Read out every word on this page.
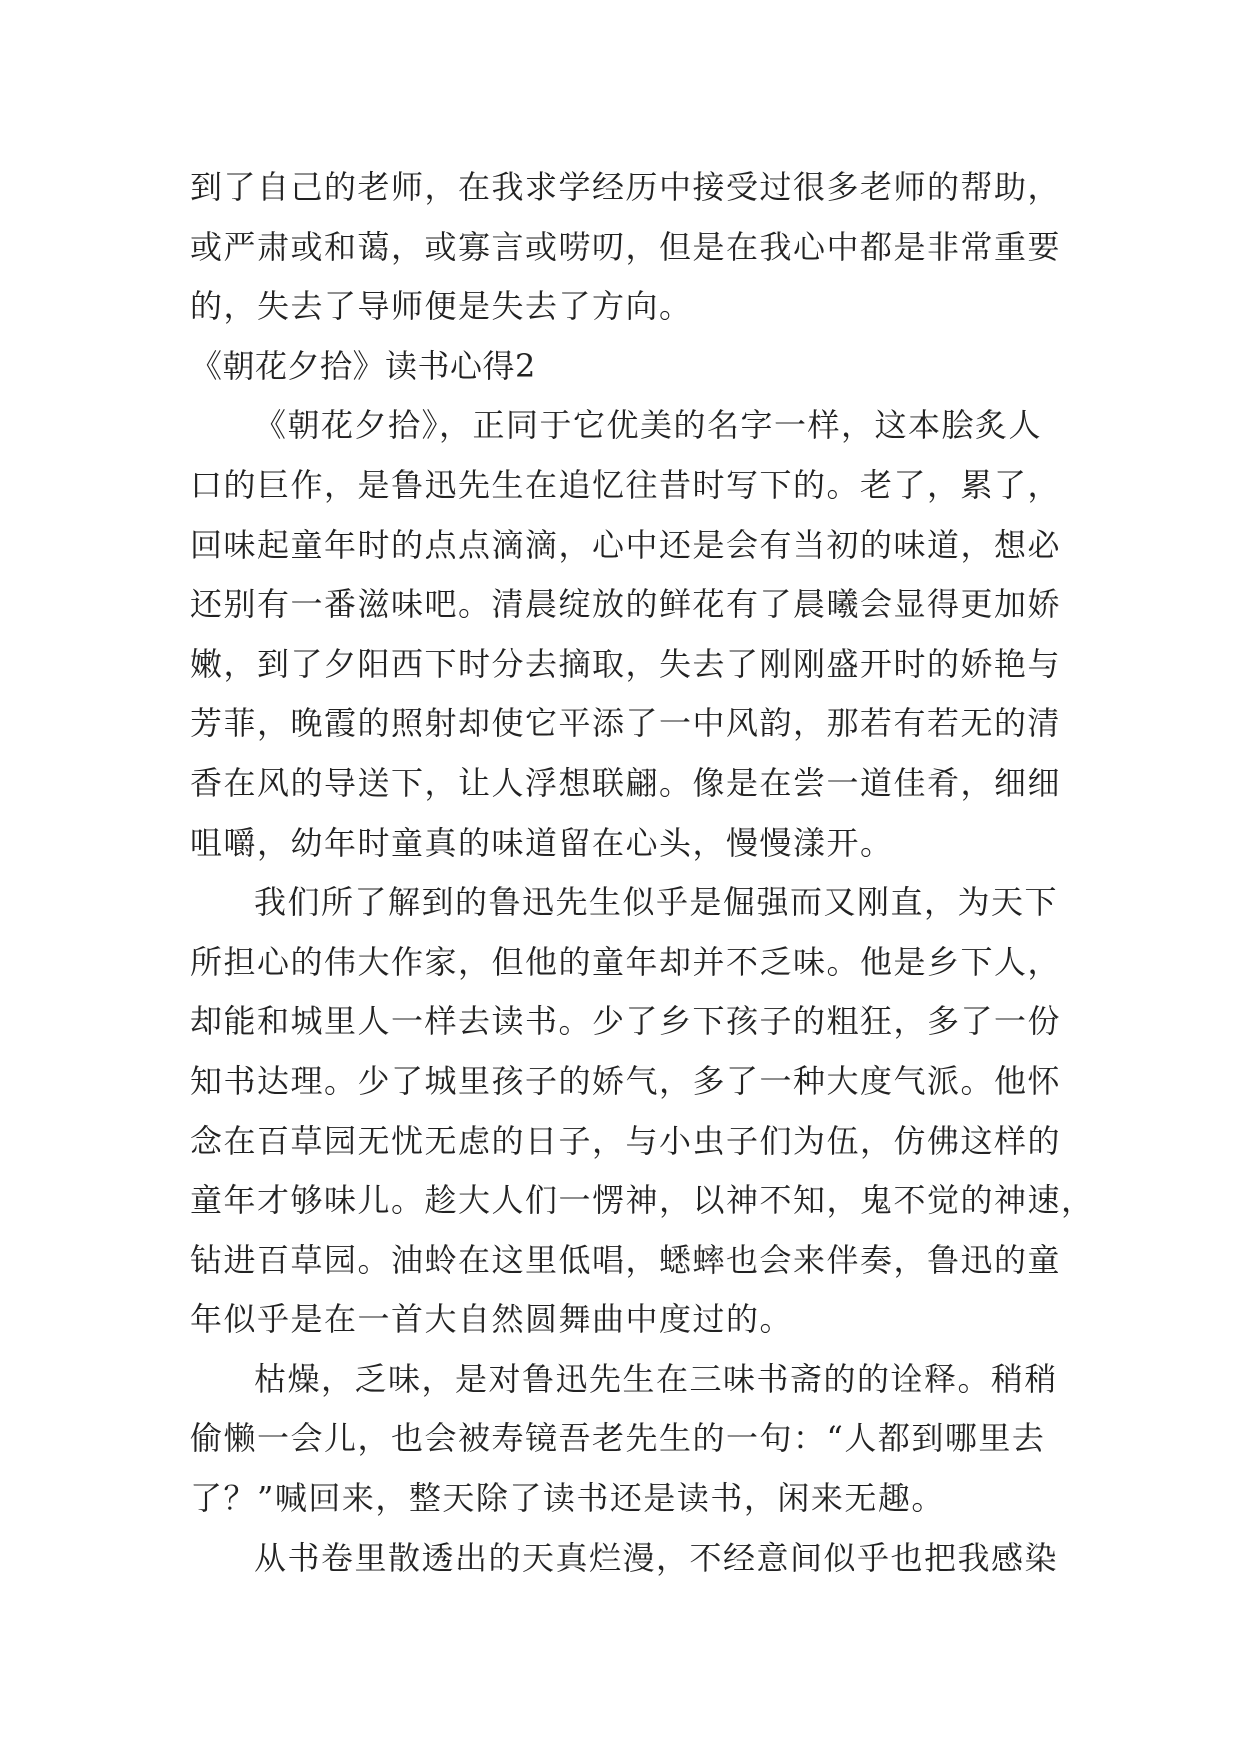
到了自己的老师，在我求学经历中接受过很多老师的帮助，
或严肃或和蔼，或寡言或唠叨，但是在我心中都是非常重要
的，失去了导师便是失去了方向。
《朝花夕拾》读书心得2
《朝花夕拾》，正同于它优美的名字一样，这本脍炙人
口的巨作，是鲁迅先生在追忆往昔时写下的。老了，累了，
回味起童年时的点点滴滴，心中还是会有当初的味道，想必
还别有一番滋味吧。清晨绽放的鲜花有了晨曦会显得更加娇
嫩，到了夕阳西下时分去摘取，失去了刚刚盛开时的娇艳与
芳菲，晚霞的照射却使它平添了一中风韵，那若有若无的清
香在风的导送下，让人浮想联翩。像是在尝一道佳肴，细细
咀嚼，幼年时童真的味道留在心头，慢慢漾开。
我们所了解到的鲁迅先生似乎是倔强而又刚直，为天下
所担心的伟大作家，但他的童年却并不乏味。他是乡下人，
却能和城里人一样去读书。少了乡下孩子的粗狂，多了一份
知书达理。少了城里孩子的娇气，多了一种大度气派。他怀
念在百草园无忧无虑的日子，与小虫子们为伍，仿佛这样的
童年才够味儿。趁大人们一愣神，以神不知，鬼不觉的神速，
钻进百草园。油蛉在这里低唱，蟋蟀也会来伴奏，鲁迅的童
年似乎是在一首大自然圆舞曲中度过的。
枯燥，乏味，是对鲁迅先生在三味书斋的的诠释。稍稍
偷懒一会儿，也会被寿镜吾老先生的一句：“人都到哪里去
了？”喊回来，整天除了读书还是读书，闲来无趣。
从书卷里散透出的天真烂漫，不经意间似乎也把我感染
